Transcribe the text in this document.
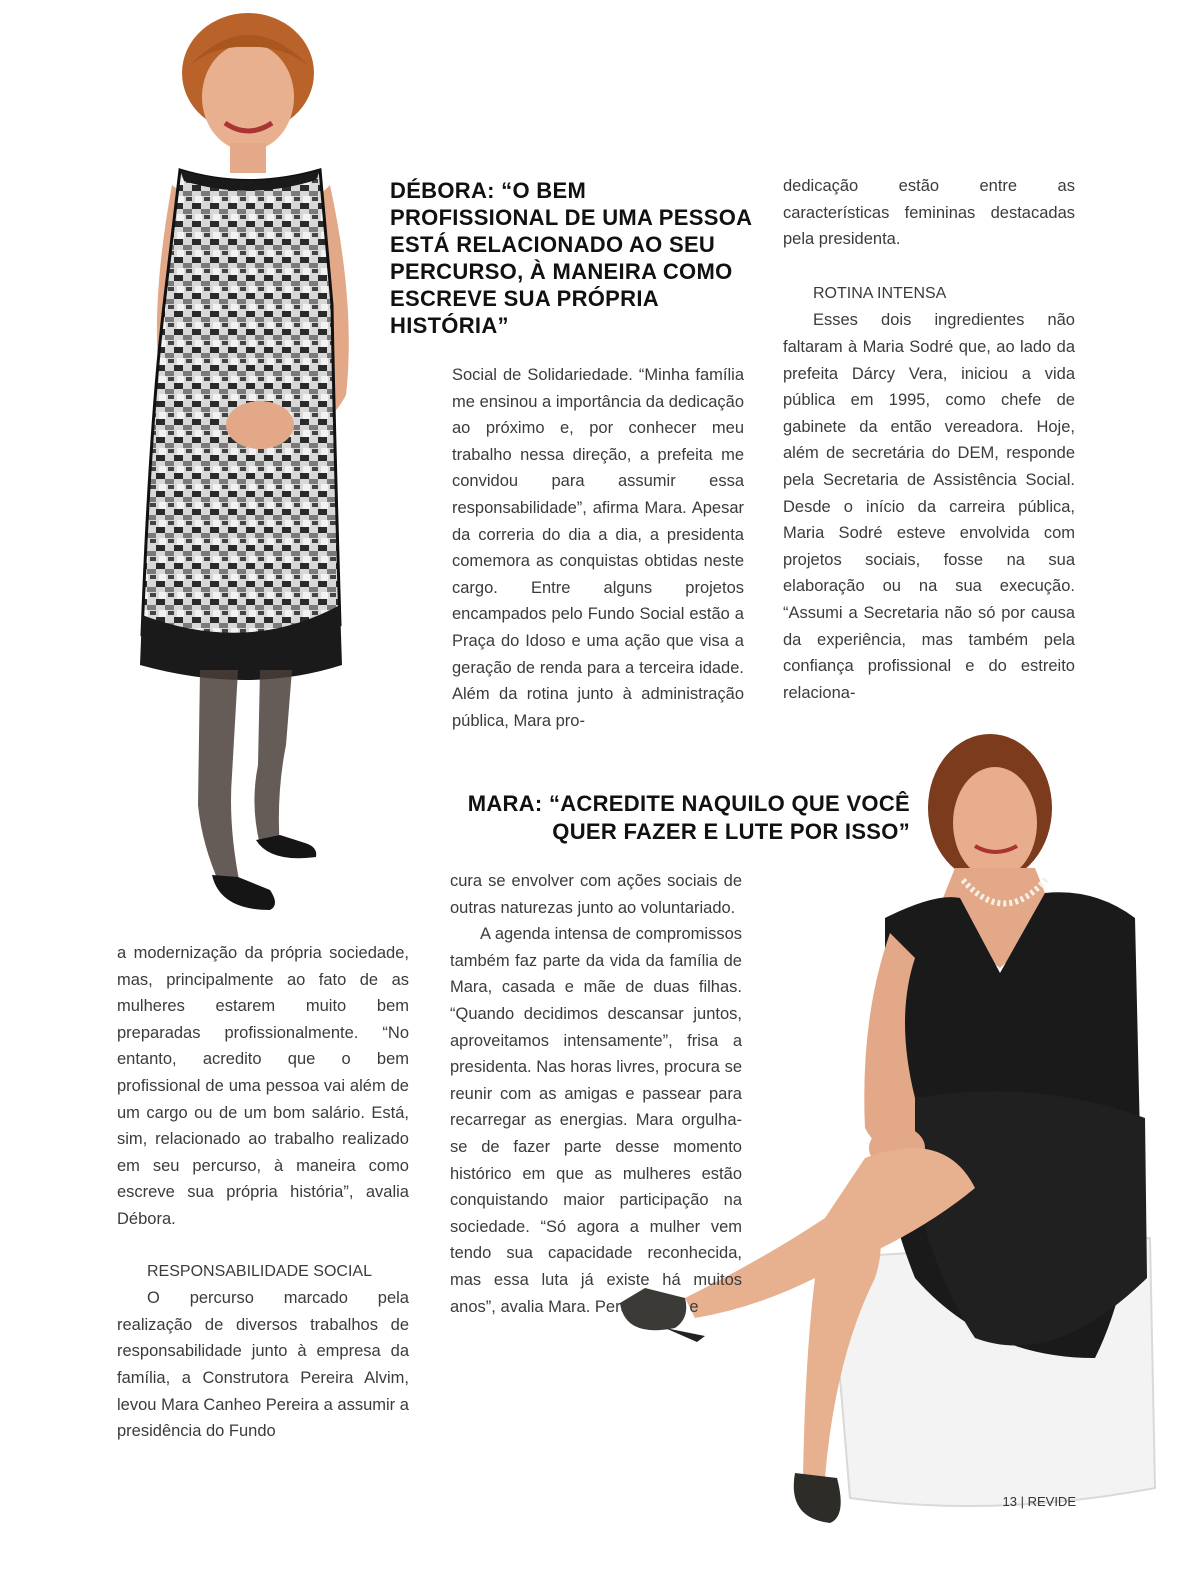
DÉBORA: “O BEM PROFISSIONAL DE UMA PESSOA ESTÁ RELACIONADO AO SEU PERCURSO, À MANEIRA COMO ESCREVE SUA PRÓPRIA HISTÓRIA”

Social de Solidariedade. “Minha família me ensinou a importância da dedicação ao próximo e, por conhecer meu trabalho nessa direção, a prefeita me convidou para assumir essa responsabilidade”, afirma Mara. Apesar da correria do dia a dia, a presidenta comemora as conquistas obtidas neste cargo. Entre alguns projetos encampados pelo Fundo Social estão a Praça do Idoso e uma ação que visa a geração de renda para a terceira idade. Além da rotina junto à administração pública, Mara pro-

dedicação estão entre as características femininas destacadas pela presidenta.

ROTINA INTENSA

Esses dois ingredientes não faltaram à Maria Sodré que, ao lado da prefeita Dárcy Vera, iniciou a vida pública em 1995, como chefe de gabinete da então vereadora. Hoje, além de secretária do DEM, responde pela Secretaria de Assistência Social. Desde o início da carreira pública, Maria Sodré esteve envolvida com projetos sociais, fosse na sua elaboração ou na sua execução. “Assumi a Secretaria não só por causa da experiência, mas também pela confiança profissional e do estreito relaciona-

MARA: “ACREDITE NAQUILO QUE VOCÊ QUER FAZER E LUTE POR ISSO”

a modernização da própria sociedade, mas, principalmente ao fato de as mulheres estarem muito bem preparadas profissionalmente. “No entanto, acredito que o bem profissional de uma pessoa vai além de um cargo ou de um bom salário. Está, sim, relacionado ao trabalho realizado em seu percurso, à maneira como escreve sua própria história”, avalia Débora.

RESPONSABILIDADE SOCIAL

O percurso marcado pela realização de diversos trabalhos de responsabilidade junto à empresa da família, a Construtora Pereira Alvim, levou Mara Canheo Pereira a assumir a presidência do Fundo

cura se envolver com ações sociais de outras naturezas junto ao voluntariado.

A agenda intensa de compromissos também faz parte da vida da família de Mara, casada e mãe de duas filhas. “Quando decidimos descansar juntos, aproveitamos intensamente”, frisa a presidenta. Nas horas livres, procura se reunir com as amigas e passear para recarregar as energias. Mara orgulha-se de fazer parte desse momento histórico em que as mulheres estão conquistando maior participação na sociedade. “Só agora a mulher vem tendo sua capacidade reconhecida, mas essa luta já existe há muitos anos”, avalia Mara. Persistência e

13 | REVIDE
